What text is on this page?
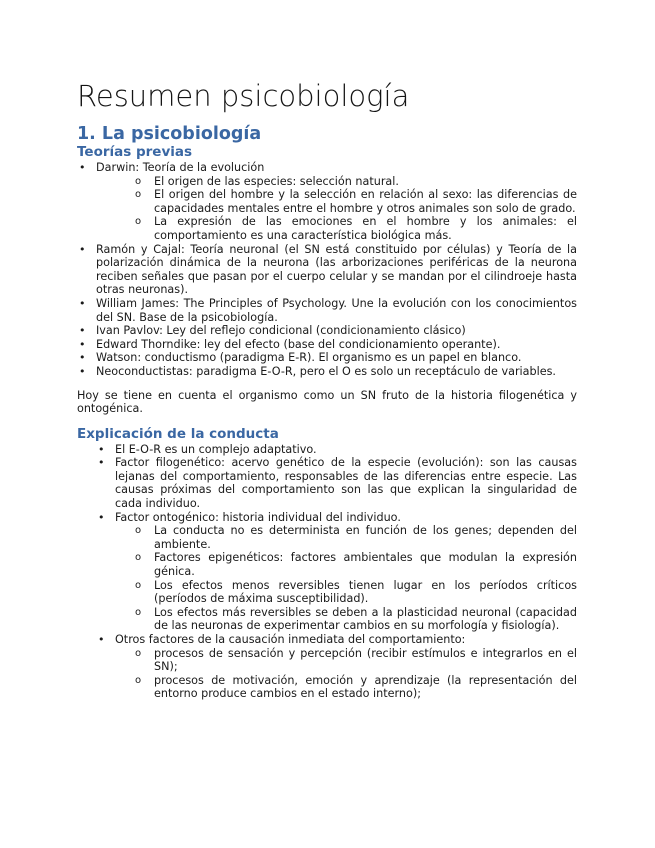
Resumen psicobiología
1. La psicobiología
Teorías previas
• Darwin: Teoría de la evolución
o El origen de las especies: selección natural.
o El origen del hombre y la selección en relación al sexo: las diferencias de capacidades mentales entre el hombre y otros animales son solo de grado.
o La expresión de las emociones en el hombre y los animales: el comportamiento es una característica biológica más.
• Ramón y Cajal: Teoría neuronal (el SN está constituido por células) y Teoría de la polarización dinámica de la neurona (las arborizaciones periféricas de la neurona reciben señales que pasan por el cuerpo celular y se mandan por el cilindroeje hasta otras neuronas).
• William James: The Principles of Psychology. Une la evolución con los conocimientos del SN. Base de la psicobiología.
• Ivan Pavlov: Ley del reflejo condicional (condicionamiento clásico)
• Edward Thorndike: ley del efecto (base del condicionamiento operante).
• Watson: conductismo (paradigma E-R). El organismo es un papel en blanco.
• Neoconductistas: paradigma E-O-R, pero el O es solo un receptáculo de variables.

Hoy se tiene en cuenta el organismo como un SN fruto de la historia filogenética y ontogénica.

Explicación de la conducta
• El E-O-R es un complejo adaptativo.
• Factor filogenético: acervo genético de la especie (evolución): son las causas lejanas del comportamiento, responsables de las diferencias entre especie. Las causas próximas del comportamiento son las que explican la singularidad de cada individuo.
• Factor ontogénico: historia individual del individuo.
o La conducta no es determinista en función de los genes; dependen del ambiente.
o Factores epigenéticos: factores ambientales que modulan la expresión génica.
o Los efectos menos reversibles tienen lugar en los períodos críticos (períodos de máxima susceptibilidad).
o Los efectos más reversibles se deben a la plasticidad neuronal (capacidad de las neuronas de experimentar cambios en su morfología y fisiología).
• Otros factores de la causación inmediata del comportamiento:
o procesos de sensación y percepción (recibir estímulos e integrarlos en el SN);
o procesos de motivación, emoción y aprendizaje (la representación del entorno produce cambios en el estado interno);
